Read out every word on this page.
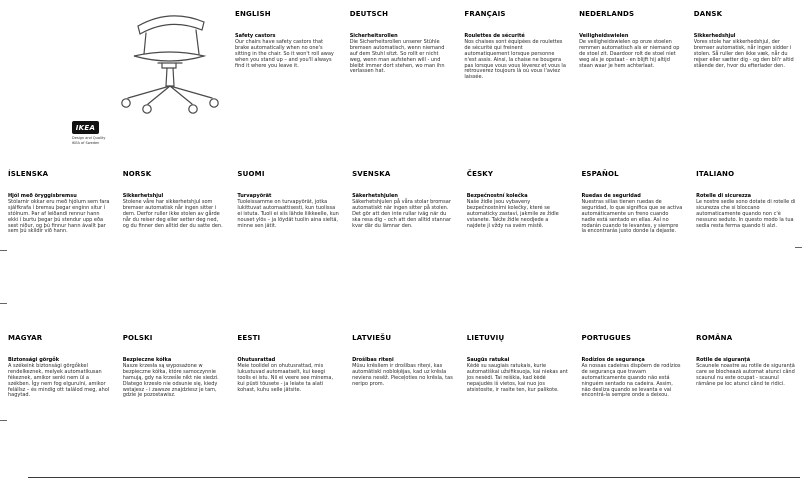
IKEA
Design and Quality
IKEA of Sweden
ENGLISH
Safety castors

Our chairs have safety castors that brake automatically when no one's sitting in the chair. So it won't roll away when you stand up – and you'll always find it where you leave it.

DEUTSCH
Sicherheitsrollen

Die Sicherheitsrollen unserer Stühle bremsen automatisch, wenn niemand auf dem Stuhl sitzt. So rollt er nicht weg, wenn man aufstehen will - und bleibt immer dort stehen, wo man ihn verlassen hat.

FRANÇAIS
Roulettes de sécurité

Nos chaises sont équipées de roulettes de sécurité qui freinent automatiquement lorsque personne n'est assis. Ainsi, la chaise ne bougera pas lorsque vous vous lèverez et vous la retrouverez toujours là où vous l'aviez laissée.

NEDERLANDS
Veiligheidswielen

De veiligheidswielen op onze stoelen remmen automatisch als er niemand op de stoel zit. Daardoor rolt de stoel niet weg als je opstaat - en blijft hij altijd staan waar je hem achterlaat.

DANSK
Sikkerhedshjul

Vores stole har sikkerhedshjul, der bremser automatisk, når ingen sidder i stolen. Så ruller den ikke væk, når du rejser eller sætter dig - og den bli'r altid stående der, hvor du efterlader den.

ÍSLENSKA
Hjól með öryggisbremsu

Stólarnir okkar eru með hjólum sem fara sjálfkrafa í bremsu þegar enginn situr í stólnum. Þar af leiðandi rennur hann ekki í burtu þegar þú stendur upp eða sest niður, og þú finnur hann ávallt þar sem þú skildir við hann.

NORSK
Sikkerhetshjul

Stolene våre har sikkerhetshjul som bremser automatisk når ingen sitter i dem. Derfor ruller ikke stolen av gårde når du reiser deg eller setter deg ned, og du finner den alltid der du satte den.

SUOMI
Turvapyörät

Tuoleissamme on turvapyörät, jotka lukittuvat automaattisesti, kun tuolissa ei istuta. Tuoli ei siis lähde liikkeelle, kun nouset ylös – ja löydät tuolin aina sieltä, minne sen jätit.

SVENSKA
Säkerhetshjulen

Säkerhetshjulen på våra stolar bromsar automatiskt när ingen sitter på stolen. Det gör att den inte rullar iväg när du ska resa dig – och att den alltid stannar kvar där du lämnar den.

ČESKY
Bezpečnostní kolečka

Naše židle jsou vybaveny bezpečnostními kolečky, které se automaticky zastaví, jakmile ze židle vstanete. Takže židle neodjede a najdete ji vždy na svém místě.

ESPAÑOL
Ruedas de seguridad

Nuestras sillas tienen ruedas de seguridad, lo que significa que se activa automáticamente un freno cuando nadie está sentado en ellas. Así no rodarán cuando te levantes, y siempre la encontrarás justo donde la dejaste.

ITALIANO
Rotelle di sicurezza

Le nostre sedie sono dotate di rotelle di sicurezza che si bloccano automaticamente quando non c'è nessuno seduto. In questo modo la tua sedia resta ferma quando ti alzi.

MAGYAR
Biztonsági görgők

A székeink biztonsági görgőkkel rendelkeznek, melyek automatikusan fékeznek, amikor senki nem ül a székben. Így nem fog elgurulni, amikor felállsz – és mindig ott találod meg, ahol hagytad.

POLSKI
Bezpieczne kółka

Nasze krzesła są wyposażone w bezpieczne kółka, które samoczynnie hamują, gdy na krześle nikt nie siedzi. Dlatego krzesło nie odsunie się, kiedy wstajesz - i zawsze znajdziesz je tam, gdzie je pozostawisz.

EESTI
Ohutusrattad

Meie toolidel on ohutusrattad, mis lukustuvad automaatselt, kui keegi toolis ei istu. Nii ei veere see minema, kui püsti tõusete - ja leiate ta alati kohast, kuhu selle jätsite.

LATVIEŠU
Drošības riteņi

Mūsu krēsliem ir drošības riteņi, kas automātiski nobloķējas, kad uz krēsla neviens nesēž. Pieceļoties no krēsla, tas neripo prom.

LIETUVIŲ
Saugūs ratukai

Kėdė su saugiais ratukais, kurie automatiškai užsifiksuoja, kai niekas ant jos nesėdi. Tai reiškia, kad kėdė nepajudės iš vietos, kai nuo jos atsistosite, ir rasite ten, kur palikote.

PORTUGUES
Rodízios de segurança

As nossas cadeiras dispõem de rodízios de segurança que travam automaticamente quando não está ninguém sentado na cadeira. Assim, não desliza quando se levanta e vai encontrá-la sempre onde a deixou.

ROMÂNA
Rotile de siguranță

Scaunele noastre au rotile de siguranță care se blochează automat atunci când scaunul nu este ocupat - scaunul rămâne pe loc atunci când te ridici.
